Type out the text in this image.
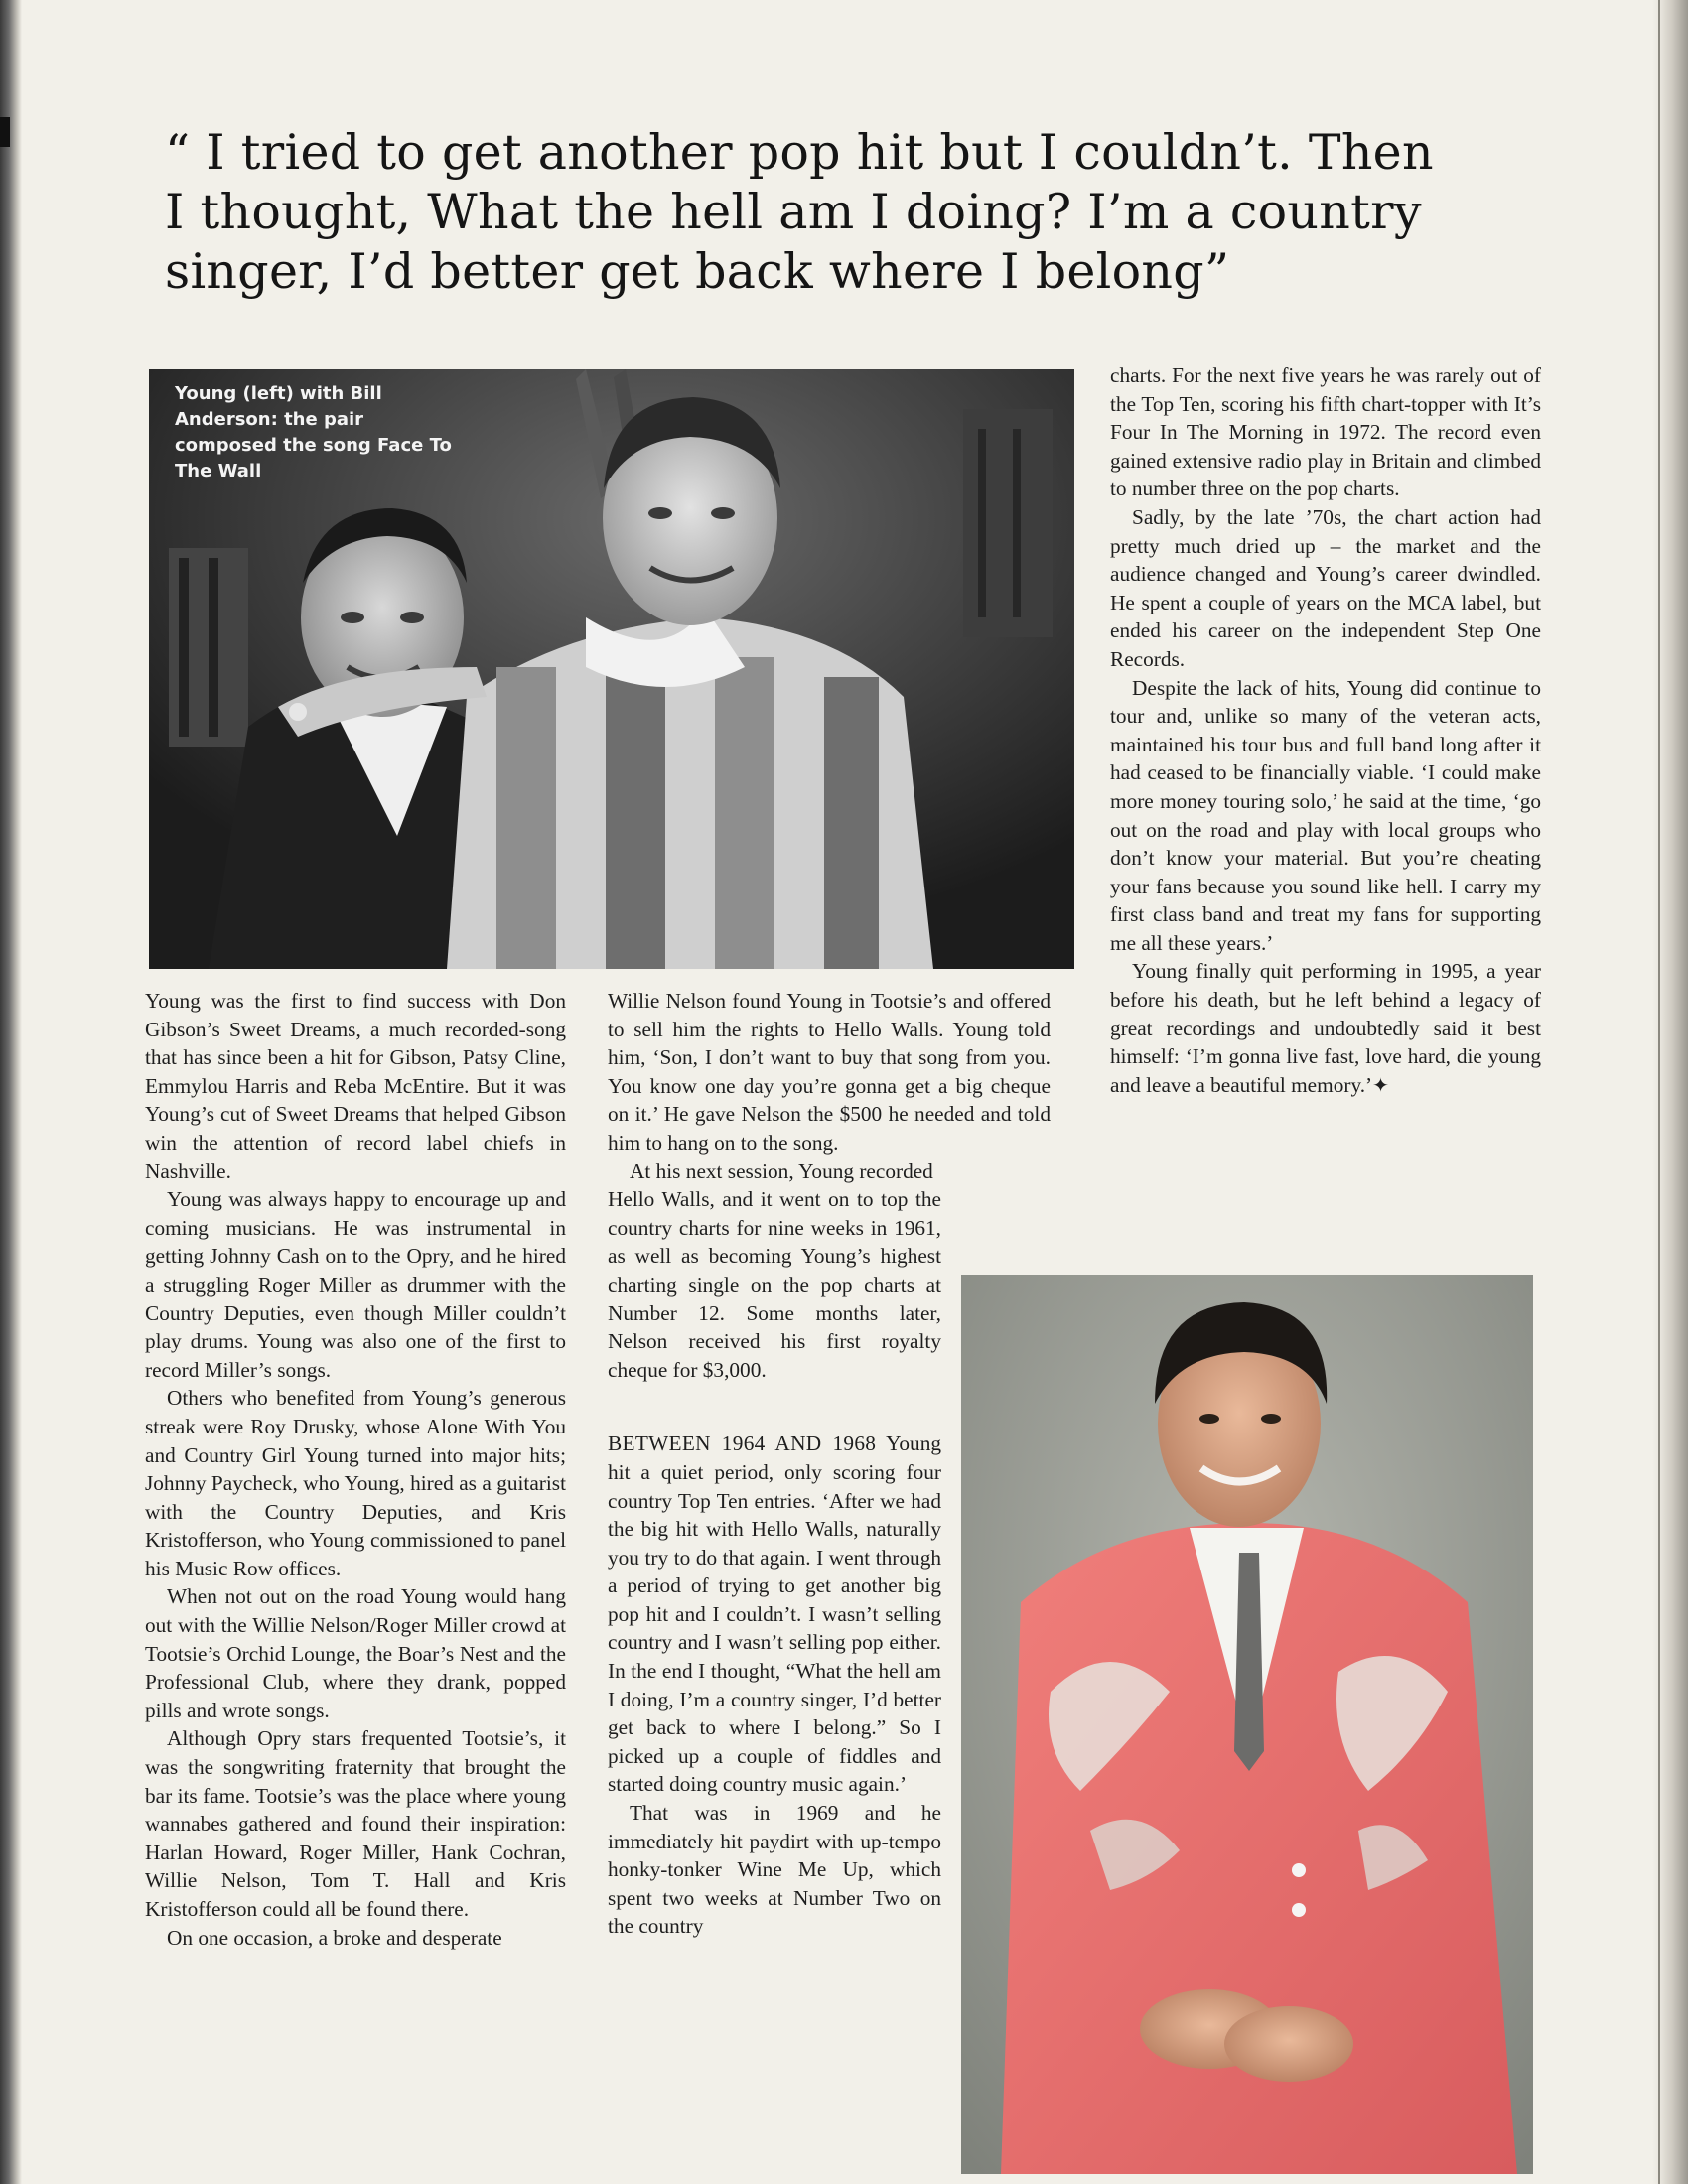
“ I tried to get another pop hit but I couldn’t. Then I thought, What the hell am I doing? I’m a country singer, I’d better get back where I belong”

Young (left) with Bill Anderson: the pair composed the song Face To The Wall

Young was the first to find success with Don Gibson’s Sweet Dreams, a much recorded-song that has since been a hit for Gibson, Patsy Cline, Emmylou Harris and Reba McEntire. But it was Young’s cut of Sweet Dreams that helped Gibson win the attention of record label chiefs in Nashville.

Young was always happy to encourage up and coming musicians. He was instrumental in getting Johnny Cash on to the Opry, and he hired a struggling Roger Miller as drummer with the Country Deputies, even though Miller couldn’t play drums. Young was also one of the first to record Miller’s songs.

Others who benefited from Young’s generous streak were Roy Drusky, whose Alone With You and Country Girl Young turned into major hits; Johnny Paycheck, who Young, hired as a guitarist with the Country Deputies, and Kris Kristofferson, who Young commissioned to panel his Music Row offices.

When not out on the road Young would hang out with the Willie Nelson/Roger Miller crowd at Tootsie’s Orchid Lounge, the Boar’s Nest and the Professional Club, where they drank, popped pills and wrote songs.

Although Opry stars frequented Tootsie’s, it was the songwriting fraternity that brought the bar its fame. Tootsie’s was the place where young wannabes gathered and found their inspiration: Harlan Howard, Roger Miller, Hank Cochran, Willie Nelson, Tom T. Hall and Kris Kristofferson could all be found there.

On one occasion, a broke and desperate

Willie Nelson found Young in Tootsie’s and offered to sell him the rights to Hello Walls. Young told him, ‘Son, I don’t want to buy that song from you. You know one day you’re gonna get a big cheque on it.’ He gave Nelson the $500 he needed and told him to hang on to the song.

At his next session, Young recorded

Hello Walls, and it went on to top the country charts for nine weeks in 1961, as well as becoming Young’s highest charting single on the pop charts at Number 12. Some months later, Nelson received his first royalty cheque for $3,000.

BETWEEN 1964 AND 1968 Young hit a quiet period, only scoring four country Top Ten entries. ‘After we had the big hit with Hello Walls, naturally you try to do that again. I went through a period of trying to get another big pop hit and I couldn’t. I wasn’t selling country and I wasn’t selling pop either. In the end I thought, “What the hell am I doing, I’m a country singer, I’d better get back to where I belong.” So I picked up a couple of fiddles and started doing country music again.’

That was in 1969 and he immediately hit paydirt with up-tempo honky-tonker Wine Me Up, which spent two weeks at Number Two on the country

charts. For the next five years he was rarely out of the Top Ten, scoring his fifth chart-topper with It’s Four In The Morning in 1972. The record even gained extensive radio play in Britain and climbed to number three on the pop charts.

Sadly, by the late ’70s, the chart action had pretty much dried up – the market and the audience changed and Young’s career dwindled. He spent a couple of years on the MCA label, but ended his career on the independent Step One Records.

Despite the lack of hits, Young did continue to tour and, unlike so many of the veteran acts, maintained his tour bus and full band long after it had ceased to be financially viable. ‘I could make more money touring solo,’ he said at the time, ‘go out on the road and play with local groups who don’t know your material. But you’re cheating your fans because you sound like hell. I carry my first class band and treat my fans for supporting me all these years.’

Young finally quit performing in 1995, a year before his death, but he left behind a legacy of great recordings and undoubtedly said it best himself: ‘I’m gonna live fast, love hard, die young and leave a beautiful memory.’✦
